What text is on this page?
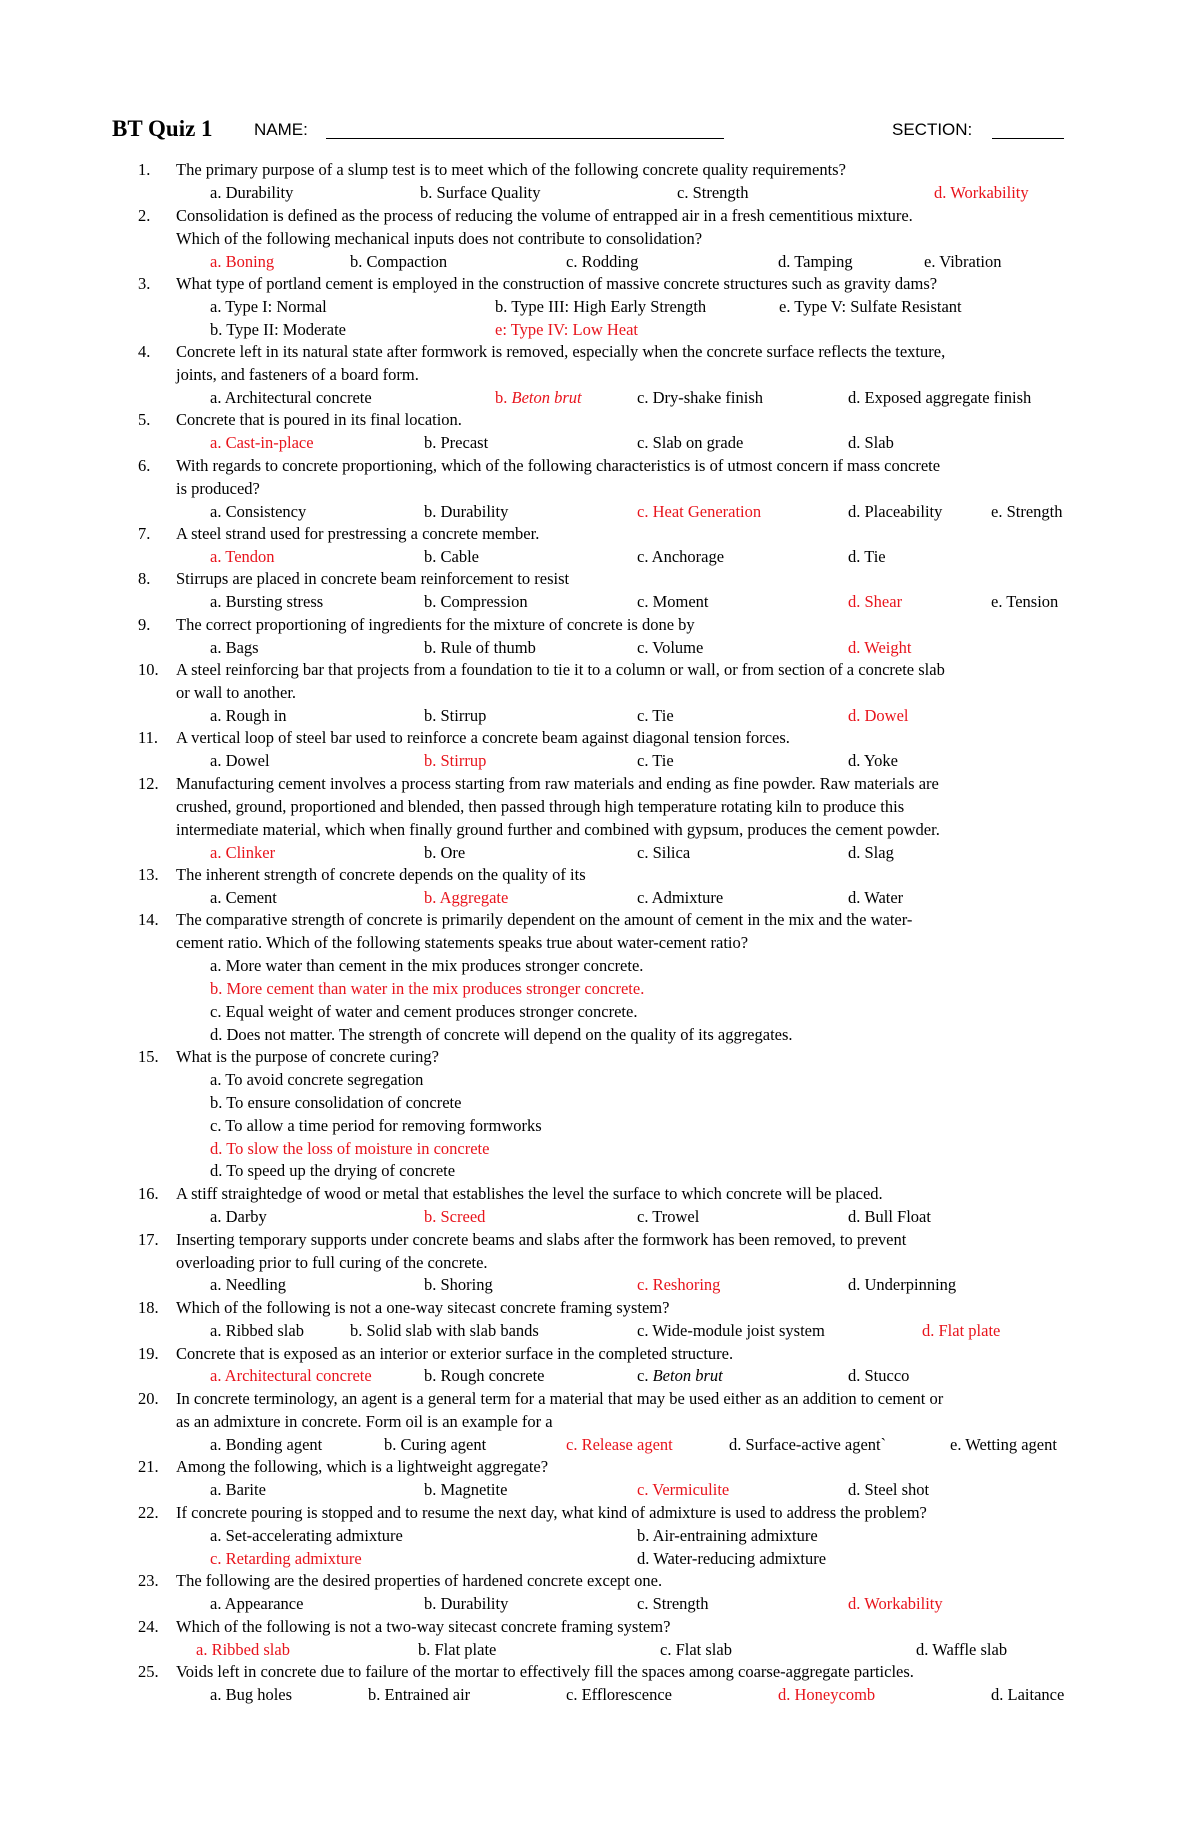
BT Quiz 1 NAME:	SECTION:
1.	The primary purpose of a slump test is to meet which of the following concrete quality requirements?
a. Durability	b. Surface Quality	c. Strength	d. Workability
2.	Consolidation is defined as the process of reducing the volume of entrapped air in a fresh cementitious mixture.
Which of the following mechanical inputs does not contribute to consolidation?
a. Boning	b. Compaction	c. Rodding	d. Tamping	e. Vibration
3.	What type of portland cement is employed in the construction of massive concrete structures such as gravity dams?
a. Type I: Normal	b. Type III: High Early Strength	e. Type V: Sulfate Resistant
b. Type II: Moderate	e: Type IV: Low Heat
4.	Concrete left in its natural state after formwork is removed, especially when the concrete surface reflects the texture,
joints, and fasteners of a board form.
a. Architectural concrete	b. Beton brut	c. Dry-shake finish	d. Exposed aggregate finish
5.	Concrete that is poured in its final location.
a. Cast-in-place	b. Precast	c. Slab on grade	d. Slab
6.	With regards to concrete proportioning, which of the following characteristics is of utmost concern if mass concrete
is produced?
a. Consistency	b. Durability	c. Heat Generation	d. Placeability	e. Strength
7.	A steel strand used for prestressing a concrete member.
a. Tendon	b. Cable	c. Anchorage	d. Tie
8.	Stirrups are placed in concrete beam reinforcement to resist
a. Bursting stress	b. Compression	c. Moment	d. Shear	e. Tension
9.	The correct proportioning of ingredients for the mixture of concrete is done by
a. Bags	b. Rule of thumb	c. Volume	d. Weight
10.	A steel reinforcing bar that projects from a foundation to tie it to a column or wall, or from section of a concrete slab
or wall to another.
a. Rough in	b. Stirrup	c. Tie	d. Dowel
11.	A vertical loop of steel bar used to reinforce a concrete beam against diagonal tension forces.
a. Dowel	b. Stirrup	c. Tie	d. Yoke
12.	Manufacturing cement involves a process starting from raw materials and ending as fine powder. Raw materials are
crushed, ground, proportioned and blended, then passed through high temperature rotating kiln to produce this
intermediate material, which when finally ground further and combined with gypsum, produces the cement powder.
a. Clinker	b. Ore	c. Silica	d. Slag
13.	The inherent strength of concrete depends on the quality of its
a. Cement	b. Aggregate	c. Admixture	d. Water
14.	The comparative strength of concrete is primarily dependent on the amount of cement in the mix and the water-
cement ratio. Which of the following statements speaks true about water-cement ratio?
a. More water than cement in the mix produces stronger concrete.
b. More cement than water in the mix produces stronger concrete.
c. Equal weight of water and cement produces stronger concrete.
d. Does not matter. The strength of concrete will depend on the quality of its aggregates.
15.	What is the purpose of concrete curing?
a. To avoid concrete segregation
b. To ensure consolidation of concrete
c. To allow a time period for removing formworks
d. To slow the loss of moisture in concrete
d. To speed up the drying of concrete
16.	A stiff straightedge of wood or metal that establishes the level the surface to which concrete will be placed.
a. Darby	b. Screed	c. Trowel	d. Bull Float
17.	Inserting temporary supports under concrete beams and slabs after the formwork has been removed, to prevent
overloading prior to full curing of the concrete.
a. Needling	b. Shoring	c. Reshoring	d. Underpinning
18.	Which of the following is not a one-way sitecast concrete framing system?
a. Ribbed slab	b. Solid slab with slab bands	c. Wide-module joist system	d. Flat plate
19.	Concrete that is exposed as an interior or exterior surface in the completed structure.
a. Architectural concrete	b. Rough concrete	c. Beton brut	d. Stucco
20.	In concrete terminology, an agent is a general term for a material that may be used either as an addition to cement or
as an admixture in concrete. Form oil is an example for a
a. Bonding agent	b. Curing agent	c. Release agent	d. Surface-active agent`	e. Wetting agent
21.	Among the following, which is a lightweight aggregate?
a. Barite	b. Magnetite	c. Vermiculite	d. Steel shot
22.	If concrete pouring is stopped and to resume the next day, what kind of admixture is used to address the problem?
a. Set-accelerating admixture	b. Air-entraining admixture
c. Retarding admixture	d. Water-reducing admixture
23.	The following are the desired properties of hardened concrete except one.
a. Appearance	b. Durability	c. Strength	d. Workability
24.	Which of the following is not a two-way sitecast concrete framing system?
a. Ribbed slab	b. Flat plate	c. Flat slab	d. Waffle slab
25.	Voids left in concrete due to failure of the mortar to effectively fill the spaces among coarse-aggregate particles.
a. Bug holes	b. Entrained air	c. Efflorescence	d. Honeycomb	d. Laitance
